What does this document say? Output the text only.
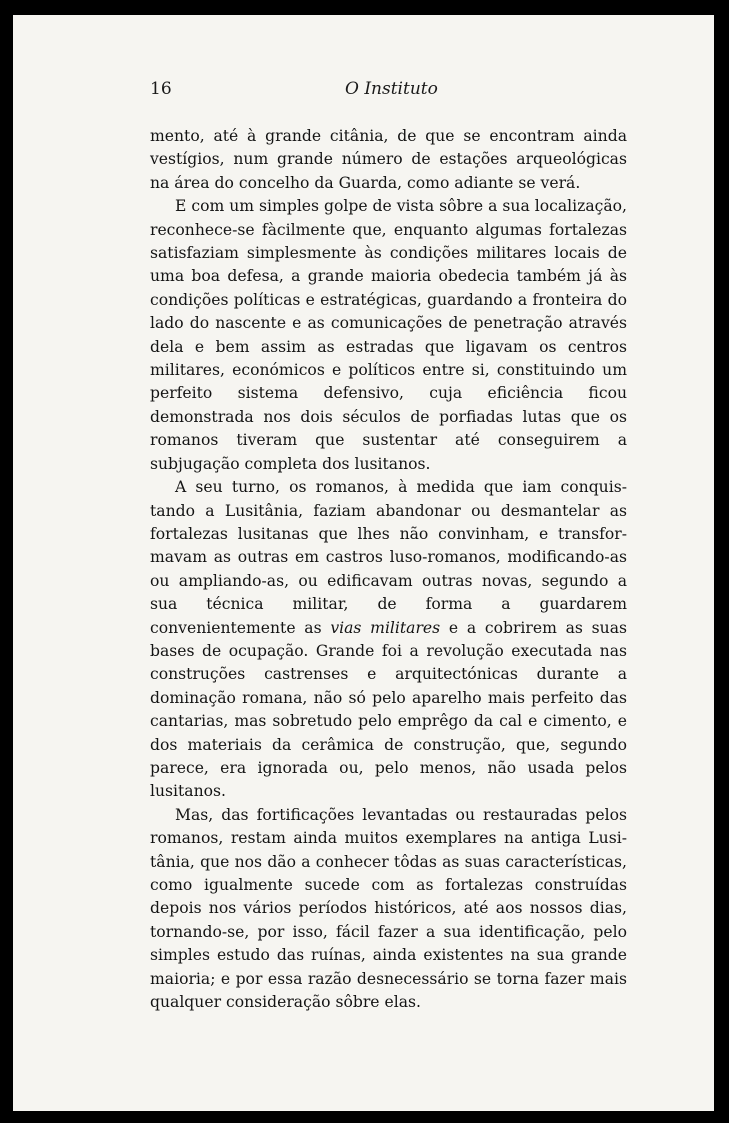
16	O Instituto

mento, até à grande citânia, de que se encontram ainda vestígios, num grande número de estações arqueológicas na área do concelho da Guarda, como adiante se verá.

E com um simples golpe de vista sôbre a sua localização, reconhece-se fàcilmente que, enquanto algumas fortalezas satisfaziam simplesmente às condições militares locais de uma boa defesa, a grande maioria obedecia também já às condições políticas e estratégicas, guardando a fronteira do lado do nascente e as comunicações de penetração através dela e bem assim as estradas que ligavam os centros militares, económicos e políticos entre si, constituindo um perfeito sistema defensivo, cuja eficiência ficou demonstrada nos dois séculos de porfiadas lutas que os romanos tiveram que sustentar até conseguirem a subjugação completa dos lusitanos.

A seu turno, os romanos, à medida que iam conquistando a Lusitânia, faziam abandonar ou desmantelar as fortalezas lusitanas que lhes não convinham, e transformavam as outras em castros luso-romanos, modificando-as ou ampliando-as, ou edificavam outras novas, segundo a sua técnica militar, de forma a guardarem convenientemente as vias militares e a cobrirem as suas bases de ocupação. Grande foi a revolução executada nas construções castrenses e arquitectónicas durante a dominação romana, não só pelo aparelho mais perfeito das cantarias, mas sobretudo pelo emprêgo da cal e cimento, e dos materiais da cerâmica de construção, que, segundo parece, era ignorada ou, pelo menos, não usada pelos lusitanos.

Mas, das fortificações levantadas ou restauradas pelos romanos, restam ainda muitos exemplares na antiga Lusitânia, que nos dão a conhecer tôdas as suas características, como igualmente sucede com as fortalezas construídas depois nos vários períodos históricos, até aos nossos dias, tornando-se, por isso, fácil fazer a sua identificação, pelo simples estudo das ruínas, ainda existentes na sua grande maioria; e por essa razão desnecessário se torna fazer mais qualquer consideração sôbre elas.
